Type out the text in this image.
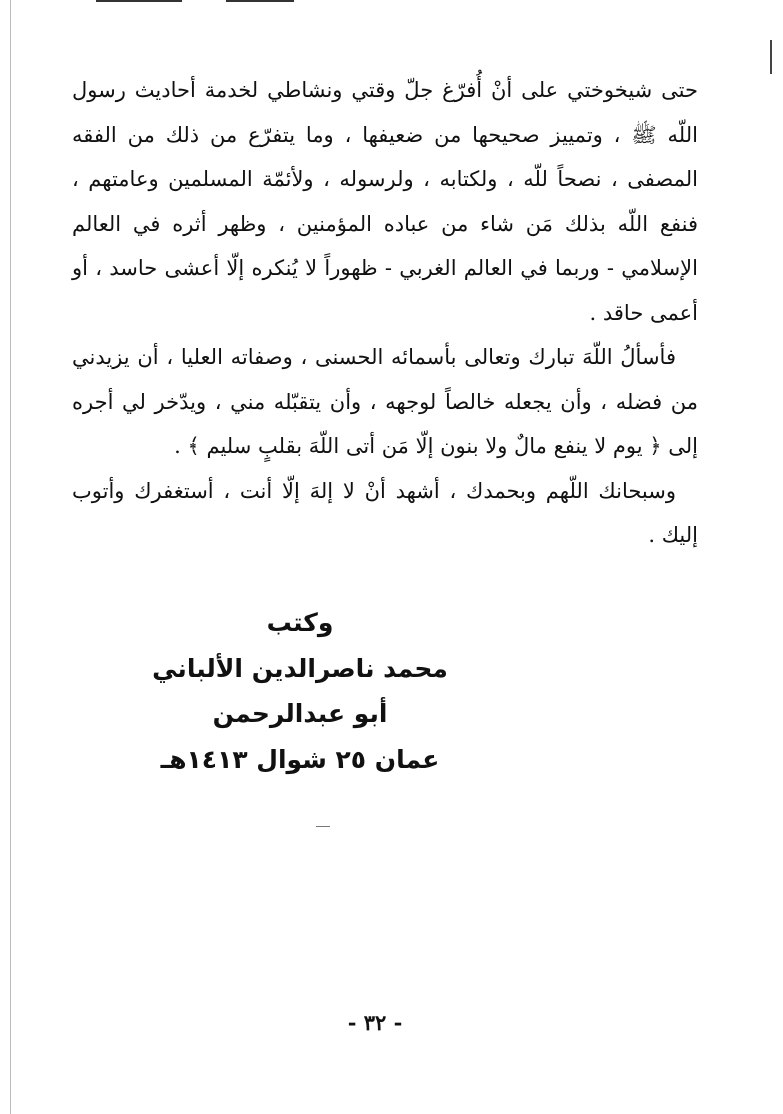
حتى شيخوختي على أنْ أُفرّغ جلّ وقتي ونشاطي لخدمة أحاديث رسول اللّه ﷺ ، وتمييز صحيحها من ضعيفها ، وما يتفرّع من ذلك من الفقه المصفى ، نصحاً للّه ، ولكتابه ، ولرسوله ، ولأئمّة المسلمين وعامتهم ، فنفع اللّه بذلك مَن شاء من عباده المؤمنين ، وظهر أثره في العالم الإسلامي - وربما في العالم الغربي - ظهوراً لا يُنكره إلّا أعشى حاسد ، أو أعمى حاقد .

فأسألُ اللّهَ تبارك وتعالى بأسمائه الحسنى ، وصفاته العليا ، أن يزيدني من فضله ، وأن يجعله خالصاً لوجهه ، وأن يتقبّله مني ، ويدّخر لي أجره إلى ﴿ يوم لا ينفع مالٌ ولا بنون إلّا مَن أتى اللّهَ بقلبٍ سليم ﴾ .

وسبحانك اللّهم وبحمدك ، أشهد أنْ لا إلهَ إلّا أنت ، أستغفرك وأتوب إليك .

وكتب
محمد ناصرالدين الألباني
أبو عبدالرحمن
عمان ٢٥ شوال ١٤١٣هـ
- ٣٢ -
